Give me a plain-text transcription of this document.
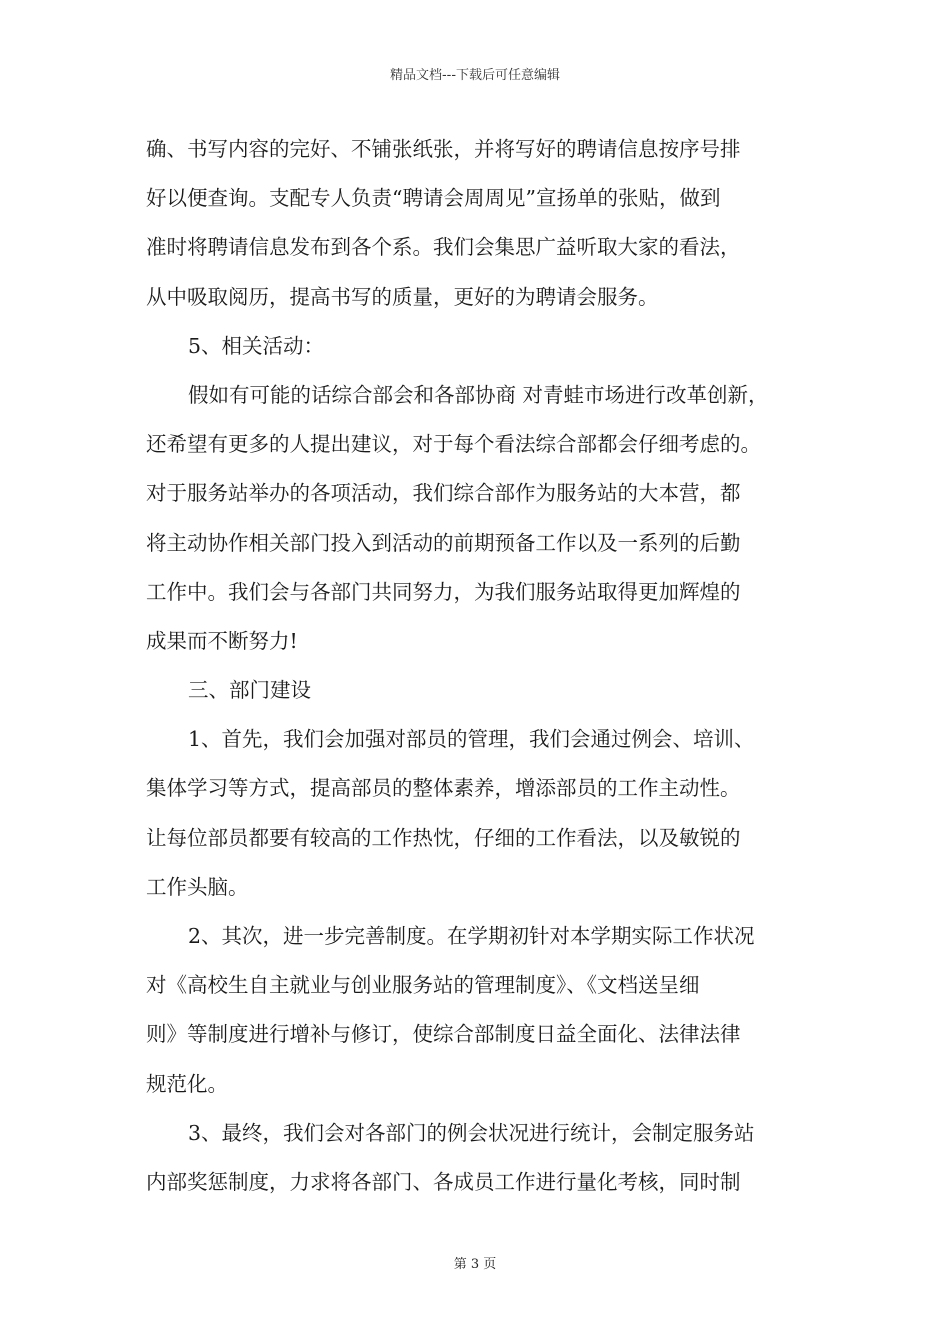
精品文档---下载后可任意编辑
确、书写内容的完好、不铺张纸张，并将写好的聘请信息按序号排
好以便查询。支配专人负责“聘请会周周见”宣扬单的张贴，做到
准时将聘请信息发布到各个系。我们会集思广益听取大家的看法，
从中吸取阅历，提高书写的质量，更好的为聘请会服务。
5、相关活动：
假如有可能的话综合部会和各部协商 对青蛙市场进行改革创新，
还希望有更多的人提出建议，对于每个看法综合部都会仔细考虑的。
对于服务站举办的各项活动，我们综合部作为服务站的大本营，都
将主动协作相关部门投入到活动的前期预备工作以及一系列的后勤
工作中。我们会与各部门共同努力，为我们服务站取得更加辉煌的
成果而不断努力!
三、部门建设
1、首先，我们会加强对部员的管理，我们会通过例会、培训、
集体学习等方式，提高部员的整体素养，增添部员的工作主动性。
让每位部员都要有较高的工作热忱，仔细的工作看法，以及敏锐的
工作头脑。
2、其次，进一步完善制度。在学期初针对本学期实际工作状况
对《高校生自主就业与创业服务站的管理制度》、《文档送呈细
则》等制度进行增补与修订，使综合部制度日益全面化、法律法律
规范化。
3、最终，我们会对各部门的例会状况进行统计，会制定服务站
内部奖惩制度，力求将各部门、各成员工作进行量化考核，同时制
第 3 页
